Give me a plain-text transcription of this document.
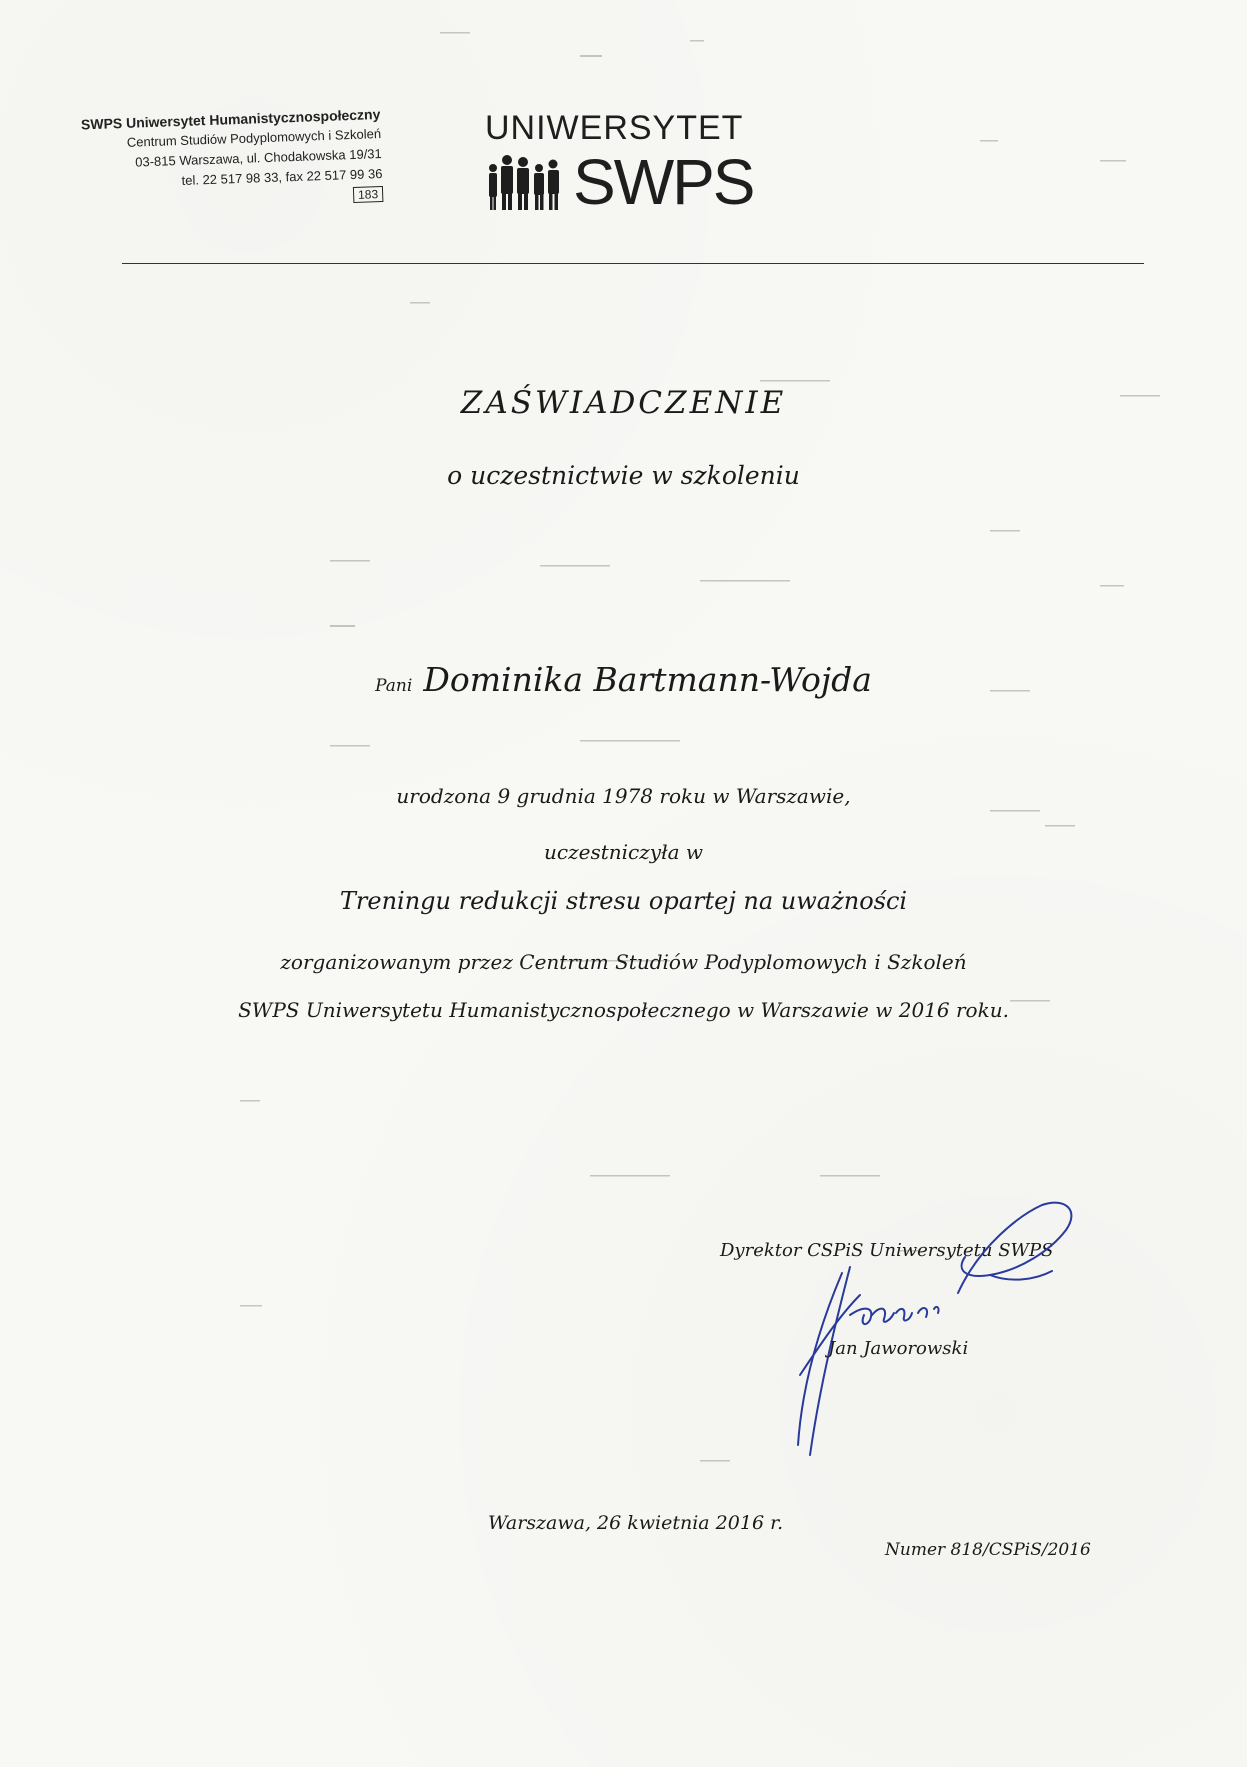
SWPS Uniwersytet Humanistycznospołeczny
Centrum Studiów Podyplomowych i Szkoleń
03-815 Warszawa, ul. Chodakowska 19/31
tel. 22 517 98 33, fax 22 517 99 36
183
UNIWERSYTET
SWPS
ZAŚWIADCZENIE
o uczestnictwie w szkoleniu
Pani Dominika Bartmann-Wojda
urodzona 9 grudnia 1978 roku w Warszawie,
uczestniczyła w
Treningu redukcji stresu opartej na uważności
zorganizowanym przez Centrum Studiów Podyplomowych i Szkoleń
SWPS Uniwersytetu Humanistycznospołecznego w Warszawie w 2016 roku.
Dyrektor CSPiS Uniwersytetu SWPS
Jan Jaworowski
Warszawa, 26 kwietnia 2016 r.
Numer 818/CSPiS/2016
